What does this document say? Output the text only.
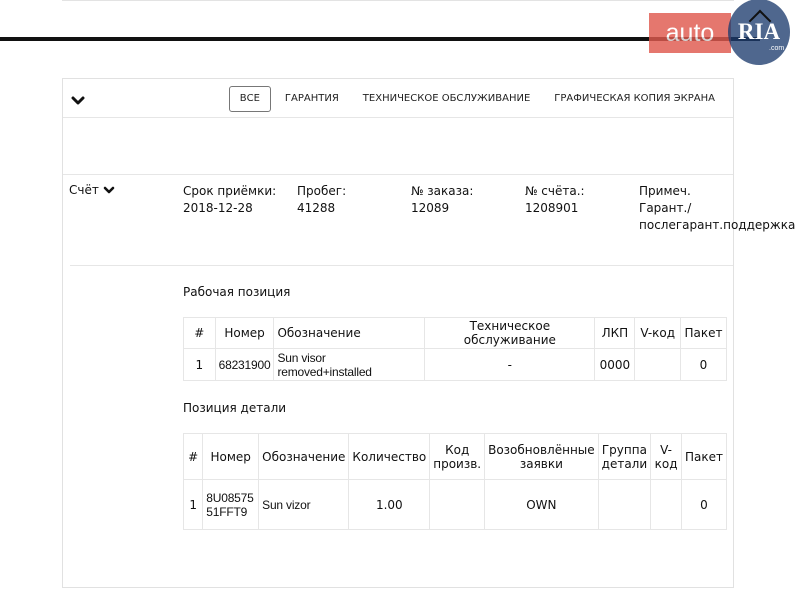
auto	RIA
.com
ВСЕ	ГАРАНТИЯ	ТЕХНИЧЕСКОЕ ОБСЛУЖИВАНИЕ	ГРАФИЧЕСКАЯ КОПИЯ ЭКРАНА
Счёт	Срок приёмки:
2018-12-28
Пробег:
41288
№ заказа:
12089
№ счёта.:
1208901
Примеч.
Гарант./ послегарант.поддержка
Рабочая позиция
#	Номер	Обозначение	Техническое обслуживание	ЛКП	V-код	Пакет
1	68231900	Sun visor removed+installed	-	0000		0
Позиция детали
#	Номер	Обозначение	Количество	Код произв.	Возобновлённые заявки	Группа детали	V-код	Пакет
1	8U0857551FFT9	Sun vizor	1.00		OWN			0
